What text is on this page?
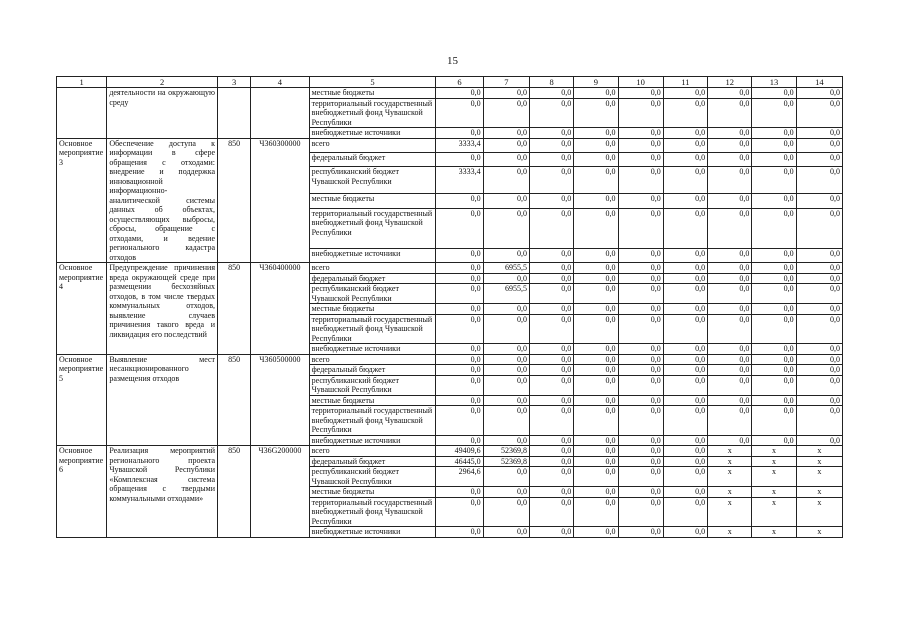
15
1	2	3	4	5	6	7	8	9	10	11	12	13	14
	деятельности на окружающую среду			местные бюджеты	0,0	0,0	0,0	0,0	0,0	0,0	0,0	0,0	0,0
				территориальный государственный внебюджетный фонд Чувашской Республики	0,0	0,0	0,0	0,0	0,0	0,0	0,0	0,0	0,0
				внебюджетные источники	0,0	0,0	0,0	0,0	0,0	0,0	0,0	0,0	0,0
Основное мероприятие 3	Обеспечение доступа к информации в сфере обращения с отходами: внедрение и поддержка инновационной информационно-аналитической системы данных об объектах, осуществляющих выбросы, сбросы, обращение с отходами, и ведение регионального кадастра отходов	850	Ч360300000	всего	3333,4	0,0	0,0	0,0	0,0	0,0	0,0	0,0	0,0
				федеральный бюджет	0,0	0,0	0,0	0,0	0,0	0,0	0,0	0,0	0,0
				республиканский бюджет Чувашской Республики	3333,4	0,0	0,0	0,0	0,0	0,0	0,0	0,0	0,0
				местные бюджеты	0,0	0,0	0,0	0,0	0,0	0,0	0,0	0,0	0,0
				территориальный государственный внебюджетный фонд Чувашской Республики	0,0	0,0	0,0	0,0	0,0	0,0	0,0	0,0	0,0
				внебюджетные источники	0,0	0,0	0,0	0,0	0,0	0,0	0,0	0,0	0,0
Основное мероприятие 4	Предупреждение причинения вреда окружающей среде при размещении бесхозяйных отходов, в том числе твердых коммунальных отходов, выявление случаев причинения такого вреда и ликвидация его последствий	850	Ч360400000	всего	0,0	6955,5	0,0	0,0	0,0	0,0	0,0	0,0	0,0
				федеральный бюджет	0,0	0,0	0,0	0,0	0,0	0,0	0,0	0,0	0,0
				республиканский бюджет Чувашской Республики	0,0	6955,5	0,0	0,0	0,0	0,0	0,0	0,0	0,0
				местные бюджеты	0,0	0,0	0,0	0,0	0,0	0,0	0,0	0,0	0,0
				территориальный государственный внебюджетный фонд Чувашской Республики	0,0	0,0	0,0	0,0	0,0	0,0	0,0	0,0	0,0
				внебюджетные источники	0,0	0,0	0,0	0,0	0,0	0,0	0,0	0,0	0,0
Основное мероприятие 5	Выявление мест несанкционированного размещения отходов	850	Ч360500000	всего	0,0	0,0	0,0	0,0	0,0	0,0	0,0	0,0	0,0
				федеральный бюджет	0,0	0,0	0,0	0,0	0,0	0,0	0,0	0,0	0,0
				республиканский бюджет Чувашской Республики	0,0	0,0	0,0	0,0	0,0	0,0	0,0	0,0	0,0
				местные бюджеты	0,0	0,0	0,0	0,0	0,0	0,0	0,0	0,0	0,0
				территориальный государственный внебюджетный фонд Чувашской Республики	0,0	0,0	0,0	0,0	0,0	0,0	0,0	0,0	0,0
				внебюджетные источники	0,0	0,0	0,0	0,0	0,0	0,0	0,0	0,0	0,0
Основное мероприятие 6	Реализация мероприятий регионального проекта Чувашской Республики «Комплексная система обращения с твердыми коммунальными отходами»	850	Ч36G200000	всего	49409,6	52369,8	0,0	0,0	0,0	0,0	x	x	x
				федеральный бюджет	46445,0	52369,8	0,0	0,0	0,0	0,0	x	x	x
				республиканский бюджет Чувашской Республики	2964,6	0,0	0,0	0,0	0,0	0,0	x	x	x
				местные бюджеты	0,0	0,0	0,0	0,0	0,0	0,0	x	x	x
				территориальный государственный внебюджетный фонд Чувашской Республики	0,0	0,0	0,0	0,0	0,0	0,0	x	x	x
				внебюджетные источники	0,0	0,0	0,0	0,0	0,0	0,0	x	x	x
